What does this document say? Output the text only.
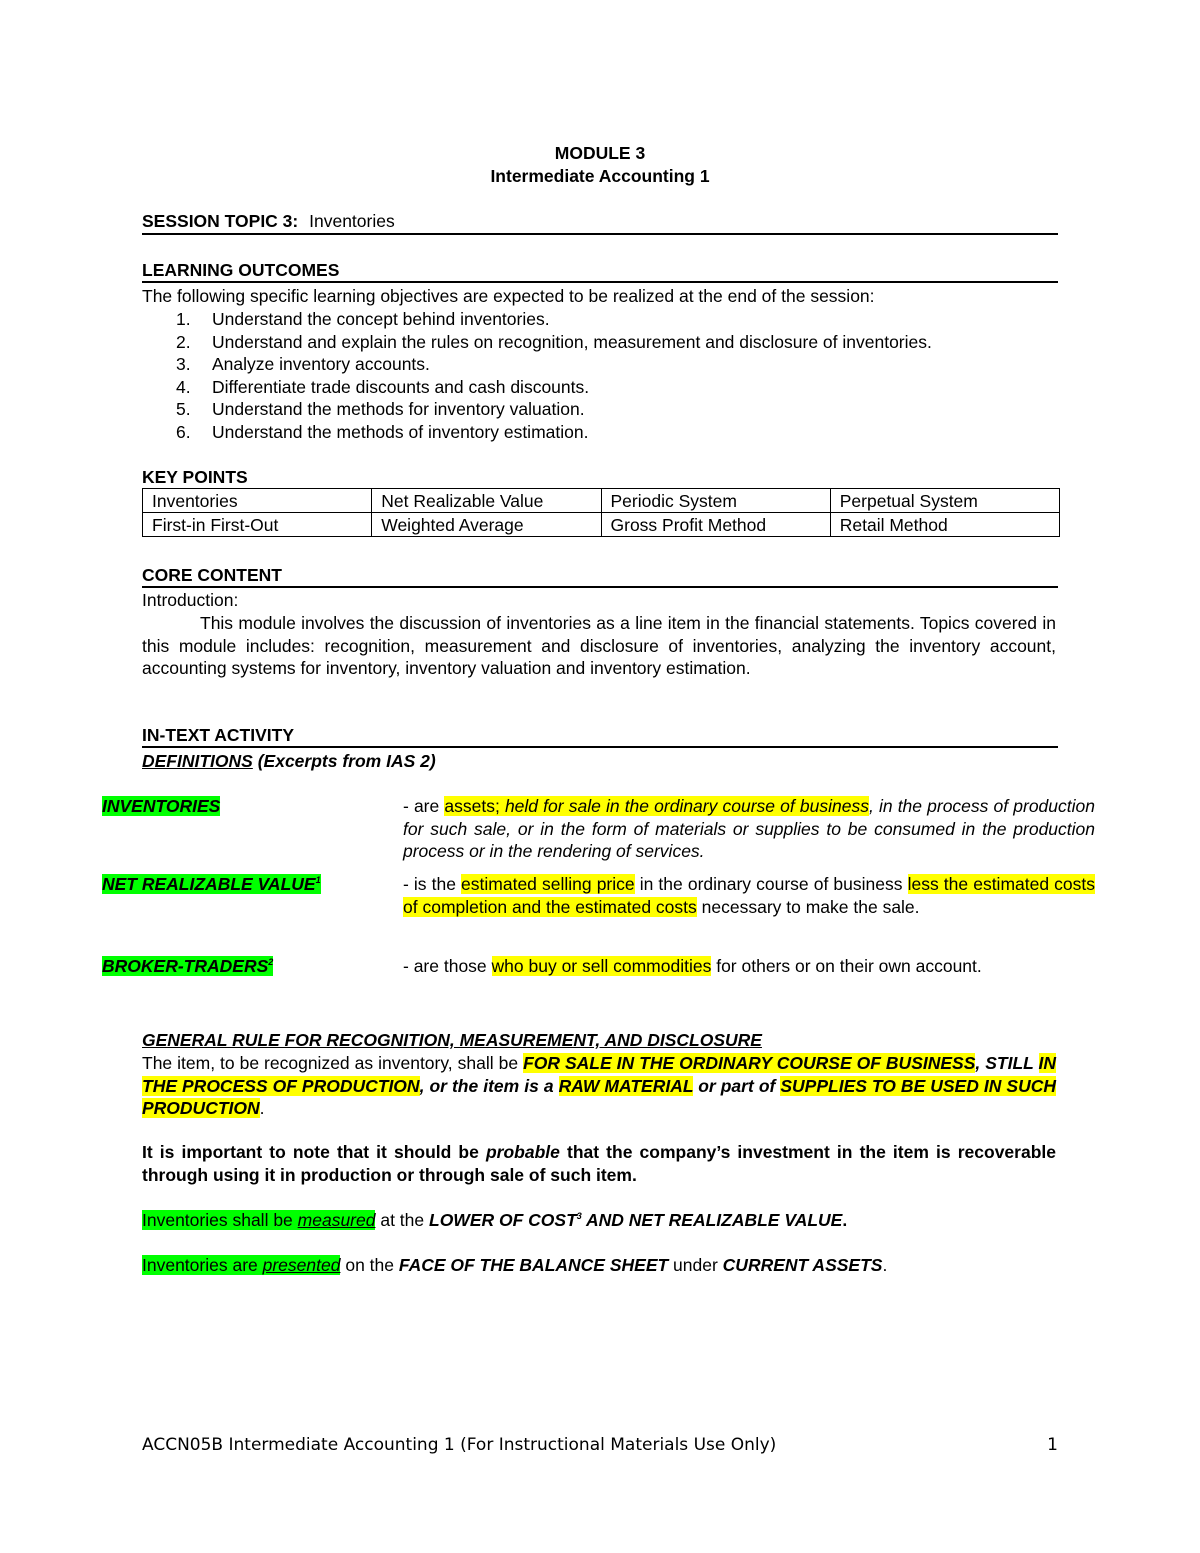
MODULE 3
Intermediate Accounting 1
SESSION TOPIC 3: Inventories
LEARNING OUTCOMES
The following specific learning objectives are expected to be realized at the end of the session:
1. Understand the concept behind inventories.
2. Understand and explain the rules on recognition, measurement and disclosure of inventories.
3. Analyze inventory accounts.
4. Differentiate trade discounts and cash discounts.
5. Understand the methods for inventory valuation.
6. Understand the methods of inventory estimation.
KEY POINTS
Inventories	Net Realizable Value	Periodic System	Perpetual System
First-in First-Out	Weighted Average	Gross Profit Method	Retail Method
CORE CONTENT
Introduction:
This module involves the discussion of inventories as a line item in the financial statements. Topics covered in this module includes: recognition, measurement and disclosure of inventories, analyzing the inventory account, accounting systems for inventory, inventory valuation and inventory estimation.
IN-TEXT ACTIVITY
DEFINITIONS (Excerpts from IAS 2)
INVENTORIES	- are assets; held for sale in the ordinary course of business, in the process of production for such sale, or in the form of materials or supplies to be consumed in the production process or in the rendering of services.
NET REALIZABLE VALUE$^1$	- is the estimated selling price in the ordinary course of business less the estimated costs of completion and the estimated costs necessary to make the sale.
BROKER-TRADERS$^2$	- are those who buy or sell commodities for others or on their own account.
GENERAL RULE FOR RECOGNITION, MEASUREMENT, AND DISCLOSURE
The item, to be recognized as inventory, shall be FOR SALE IN THE ORDINARY COURSE OF BUSINESS, STILL IN THE PROCESS OF PRODUCTION, or the item is a RAW MATERIAL or part of SUPPLIES TO BE USED IN SUCH PRODUCTION.
It is important to note that it should be probable that the company’s investment in the item is recoverable through using it in production or through sale of such item.
Inventories shall be measured at the LOWER OF COST$^3$ AND NET REALIZABLE VALUE.
Inventories are presented on the FACE OF THE BALANCE SHEET under CURRENT ASSETS.
ACCN05B Intermediate Accounting 1 (For Instructional Materials Use Only)	1
